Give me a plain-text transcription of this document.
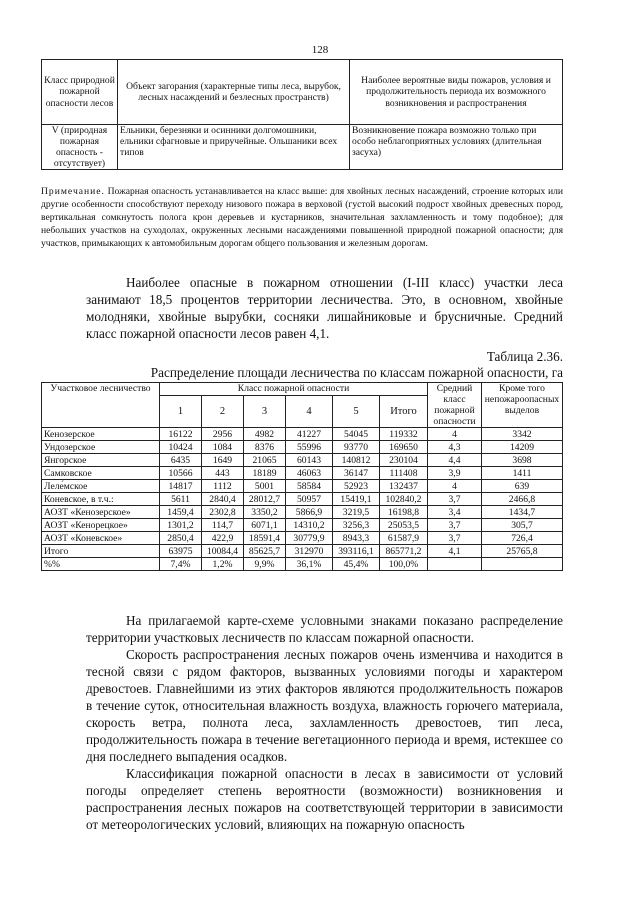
128
Класс природной пожарной опасности лесов	Объект загорания (характерные типы леса, вырубок, лесных насаждений и безлесных пространств)	Наиболее вероятные виды пожаров, условия и продолжительность периода их возможного возникновения и распространения
V (природная пожарная опасность - отсутствует)	Ельники, березняки и осинники долгомошники, ельники сфагновые и приручейные. Ольшаники всех типов	Возникновение пожара возможно только при особо неблагоприятных условиях (длительная засуха)
Примечание. Пожарная опасность устанавливается на класс выше: для хвойных лесных насаждений, строение которых или другие особенности способствуют переходу низового пожара в верховой (густой высокий подрост хвойных древесных пород, вертикальная сомкнутость полога крон деревьев и кустарников, значительная захламленность и тому подобное); для небольших участков на суходолах, окруженных лесными насаждениями повышенной природной пожарной опасности; для участков, примыкающих к автомобильным дорогам общего пользования и железным дорогам.

Наиболее опасные в пожарном отношении (I-III класс) участки леса занимают 18,5 процентов территории лесничества. Это, в основном, хвойные молодняки, хвойные вырубки, сосняки лишайниковые и брусничные. Средний класс пожарной опасности лесов равен 4,1.

Таблица 2.36.
Распределение площади лесничества по классам пожарной опасности, га
Участковое лесничество	Класс пожарной опасности						Средний класс пожарной опасности	Кроме того непожароопасных выделов
	1	2	3	4	5	Итого		
Кенозерское	16122	2956	4982	41227	54045	119332	4	3342
Ундозерское	10424	1084	8376	55996	93770	169650	4,3	14209
Янгорское	6435	1649	21065	60143	140812	230104	4,4	3698
Самковское	10566	443	18189	46063	36147	111408	3,9	1411
Леле́мское	14817	1112	5001	58584	52923	132437	4	639
Коневское, в т.ч.:	5611	2840,4	28012,7	50957	15419,1	102840,2	3,7	2466,8
АОЗТ «Кенозерское»	1459,4	2302,8	3350,2	5866,9	3219,5	16198,8	3,4	1434,7
АОЗТ «Кенорецкое»	1301,2	114,7	6071,1	14310,2	3256,3	25053,5	3,7	305,7
АОЗТ «Коневское»	2850,4	422,9	18591,4	30779,9	8943,3	61587,9	3,7	726,4
Итого	63975	10084,4	85625,7	312970	393116,1	865771,2	4,1	25765,8
%%	7,4%	1,2%	9,9%	36,1%	45,4%	100,0%		

На прилагаемой карте-схеме условными знаками показано распределение территории участковых лесничеств по классам пожарной опасности.

Скорость распространения лесных пожаров очень изменчива и находится в тесной связи с рядом факторов, вызванных условиями погоды и характером древостоев. Главнейшими из этих факторов являются продолжительность пожаров в течение суток, относительная влажность воздуха, влажность горючего материала, скорость ветра, полнота леса, захламленность древостоев, тип леса, продолжительность пожара в течение вегетационного периода и время, истекшее со дня последнего выпадения осадков.

Классификация пожарной опасности в лесах в зависимости от условий погоды определяет степень вероятности (возможности) возникновения и распространения лесных пожаров на соответствующей территории в зависимости от метеорологических условий, влияющих на пожарную опасность
